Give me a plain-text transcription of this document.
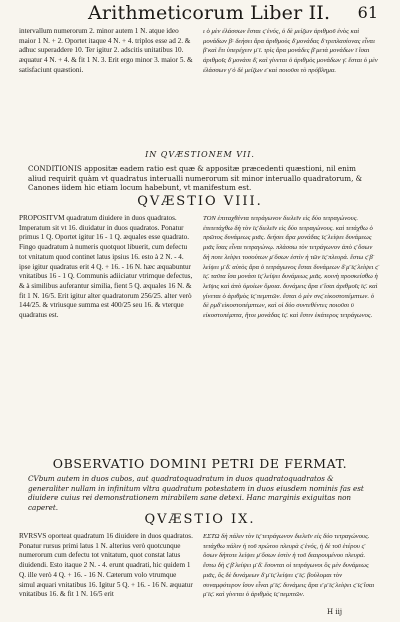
Arithmeticorum Liber II. 61
intervallum numerorum 2. minor autem 1 N. atque ideo maior 1 N. + 2. Oportet itaque 4 N. + 4. triplos esse ad 2. & adhuc superaddere 10. Ter igitur 2. adscitis unitatibus 10. æquatur 4 N. + 4. & fit 1 N. 3. Erit ergo minor 3. maior 5. & satisfaciunt quæstioni.
ι ὁ μὲν ἐλάσσων ἔσται ς̄ ἑνός, ὁ δὲ μείζων ἀριθμοῦ ἑνὸς καὶ μονάδων β̄· δεήσει ἄρα ἀριθμοὺς δ̄ μονάδας δ̄ τριπλασίονας εἶναι β̄ καὶ ἔτι ὑπερέχειν μ̄ ῑ. τρὶς ἄρα μονάδες β̄ μετὰ μονάδων ῑ ἴσαι ἀριθμοῖς δ̄ μονάσι δ̄, καὶ γίνεται ὁ ἀριθμὸς μονάδων γ̄. ἔσται ὁ μὲν ἐλάσσων γ̄ ὁ δὲ μείζων ε̄ καὶ ποιοῦσι τὸ πρόβλημα.
IN QVÆSTIONEM VII.
CONDITIONIS appositæ eadem ratio est quæ & appositæ præcedenti quæstioni, nil enim aliud requirit quàm vt quadratus interualli numerorum sit minor interuallo quadratorum, & Canones iidem hic etiam locum habebunt, vt manifestum est.
QVÆSTIO VIII.
PROPOSITVM quadratum diuidere in duos quadratos. Imperatum sit vt 16. diuidatur in duos quadratos. Ponatur primus 1 Q. Oportet igitur 16 - 1 Q. æquales esse quadrato. Fingo quadratum à numeris quotquot libuerit, cum defectu tot vnitatum quod continet latus ipsius 16. esto à 2 N. - 4. ipse igitur quadratus erit 4 Q. + 16. - 16 N. hæc æquabuntur vnitatibus 16 - 1 Q. Communis adiiciatur vtrimque defectus, & à similibus auferantur similia, fient 5 Q. æquales 16 N. & fit 1 N. 16/5. Erit igitur alter quadratorum 256/25. alter verò 144/25. & vtriusque summa est 400/25 seu 16. & vterque quadratus est.
ΤΟΝ ἐπιταχθέντα τετράγωνον διελεῖν εἰς δύο τετραγώνους. ἐπιτετάχθω δὴ τὸν ῑς̄ διελεῖν εἰς δύο τετραγώνους. καὶ τετάχθω ὁ πρῶτος δυνάμεως μιᾶς. δεήσει ἄρα μονάδας ῑς̄ λείψει δυνάμεως μιᾶς ἴσας εἶναι τετραγώνῳ. πλάσσω τὸν τετράγωνον ἀπὸ ς̄ ὅσων δή ποτε λείψει τοσούτων μ̄ ὅσων ἐστὶν ἡ τῶν ῑς̄ πλευρά. ἔστω ς̄ β̄ λείψει μ̄ δ̄. αὐτὸς ἄρα ὁ τετράγωνος ἔσται δυνάμεων δ̄ μ̄ ῑς̄ λείψει ς̄ ῑς̄. ταῦτα ἴσα μονάσι ῑς̄ λείψει δυνάμεως μιᾶς. κοινὴ προσκείσθω ἡ λεῖψις καὶ ἀπὸ ὁμοίων ὅμοια. δυνάμεις ἄρα ε̄ ἴσαι ἀριθμοῖς ῑς̄. καὶ γίνεται ὁ ἀριθμὸς ῑς̄ πεμπτῶν. ἔσται ὁ μὲν σνς̄ εἰκοστοπέμπτων. ὁ δὲ ρμδ̄ εἰκοστοπέμπτων, καὶ οἱ δύο συντεθέντες ποιοῦσι ῡ εἰκοστοπέμπτα, ἤτοι μονάδας ῑς̄. καὶ ἔστιν ἑκάτερος τετράγωνος.
OBSERVATIO DOMINI PETRI DE FERMAT.
CVbum autem in duos cubos, aut quadratoquadratum in duos quadratoquadratos & generaliter nullam in infinitum vltra quadratum potestatem in duos eiusdem nominis fas est diuidere cuius rei demonstrationem mirabilem sane detexi. Hanc marginis exiguitas non caperet.
QVÆSTIO IX.
RVRSVS oporteat quadratum 16 diuidere in duos quadratos. Ponatur rursus primi latus 1 N. alterius verò quotcunque numerorum cum defectu tot vnitatum, quot constat latus diuidendi. Esto itaque 2 N. - 4. erunt quadrati, hic quidem 1 Q. ille verò 4 Q. + 16. - 16 N. Cæterum volo vtrumque simul æquari vnitatibus 16. Igitur 5 Q. + 16. - 16 N. æquatur vnitatibus 16. & fit 1 N. 16/5 erit
ΕΣΤΩ δὴ πάλιν τὸν ῑς̄ τετράγωνον διελεῖν εἰς δύο τετραγώνους. τετάχθω πάλιν ἡ τοῦ πρώτου πλευρὰ ς̄ ἑνός, ἡ δὲ τοῦ ἑτέρου ς̄ ὅσων δήποτε λείψει μ̄ ὅσων ἐστὶν ἡ τοῦ διαιρουμένου πλευρά. ἔστω δὴ ς̄ β̄ λείψει μ̄ δ̄. ἔσονται οἱ τετράγωνοι ὃς μὲν δυνάμεως μιᾶς, ὃς δὲ δυνάμεων δ̄ μ̄ ῑς̄ λείψει ς̄ ῑς̄. βούλομαι τὸν συναμφότερον ἴσον εἶναι μ̄ ῑς̄. δυνάμεις ἄρα ε̄ μ̄ ῑς̄ λείψει ς̄ ῑς̄ ἴσαι μ̄ ῑς̄. καὶ γίνεται ὁ ἀριθμὸς ῑς̄ πεμπτῶν.
H iij
